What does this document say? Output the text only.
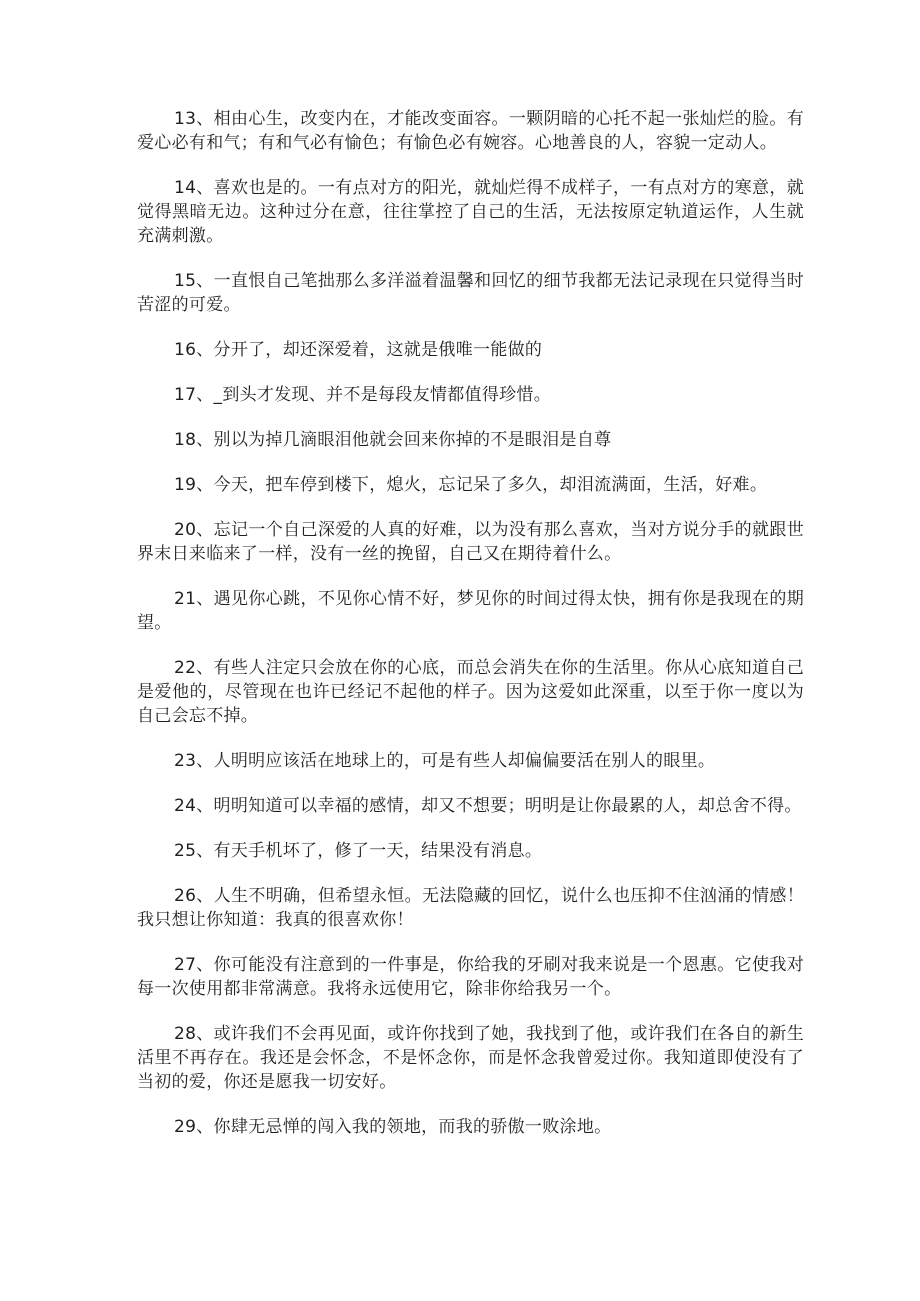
13、相由心生，改变内在，才能改变面容。一颗阴暗的心托不起一张灿烂的脸。有爱心必有和气；有和气必有愉色；有愉色必有婉容。心地善良的人，容貌一定动人。

14、喜欢也是的。一有点对方的阳光，就灿烂得不成样子，一有点对方的寒意，就觉得黑暗无边。这种过分在意，往往掌控了自己的生活，无法按原定轨道运作，人生就充满刺激。

15、一直恨自己笔拙那么多洋溢着温馨和回忆的细节我都无法记录现在只觉得当时苦涩的可爱。

16、分开了，却还深爱着，这就是俄唯一能做的

17、_到头才发现、并不是每段友情都值得珍惜。

18、别以为掉几滴眼泪他就会回来你掉的不是眼泪是自尊

19、今天，把车停到楼下，熄火，忘记呆了多久，却泪流满面，生活，好难。

20、忘记一个自己深爱的人真的好难，以为没有那么喜欢，当对方说分手的就跟世界末日来临来了一样，没有一丝的挽留，自己又在期待着什么。

21、遇见你心跳，不见你心情不好，梦见你的时间过得太快，拥有你是我现在的期望。

22、有些人注定只会放在你的心底，而总会消失在你的生活里。你从心底知道自己是爱他的，尽管现在也许已经记不起他的样子。因为这爱如此深重，以至于你一度以为自己会忘不掉。

23、人明明应该活在地球上的，可是有些人却偏偏要活在别人的眼里。

24、明明知道可以幸福的感情，却又不想要；明明是让你最累的人，却总舍不得。

25、有天手机坏了，修了一天，结果没有消息。

26、人生不明确，但希望永恒。无法隐藏的回忆，说什么也压抑不住汹涌的情感！我只想让你知道：我真的很喜欢你！

27、你可能没有注意到的一件事是，你给我的牙刷对我来说是一个恩惠。它使我对每一次使用都非常满意。我将永远使用它，除非你给我另一个。

28、或许我们不会再见面，或许你找到了她，我找到了他，或许我们在各自的新生活里不再存在。我还是会怀念，不是怀念你，而是怀念我曾爱过你。我知道即使没有了当初的爱，你还是愿我一切安好。

29、你肆无忌惮的闯入我的领地，而我的骄傲一败涂地。
